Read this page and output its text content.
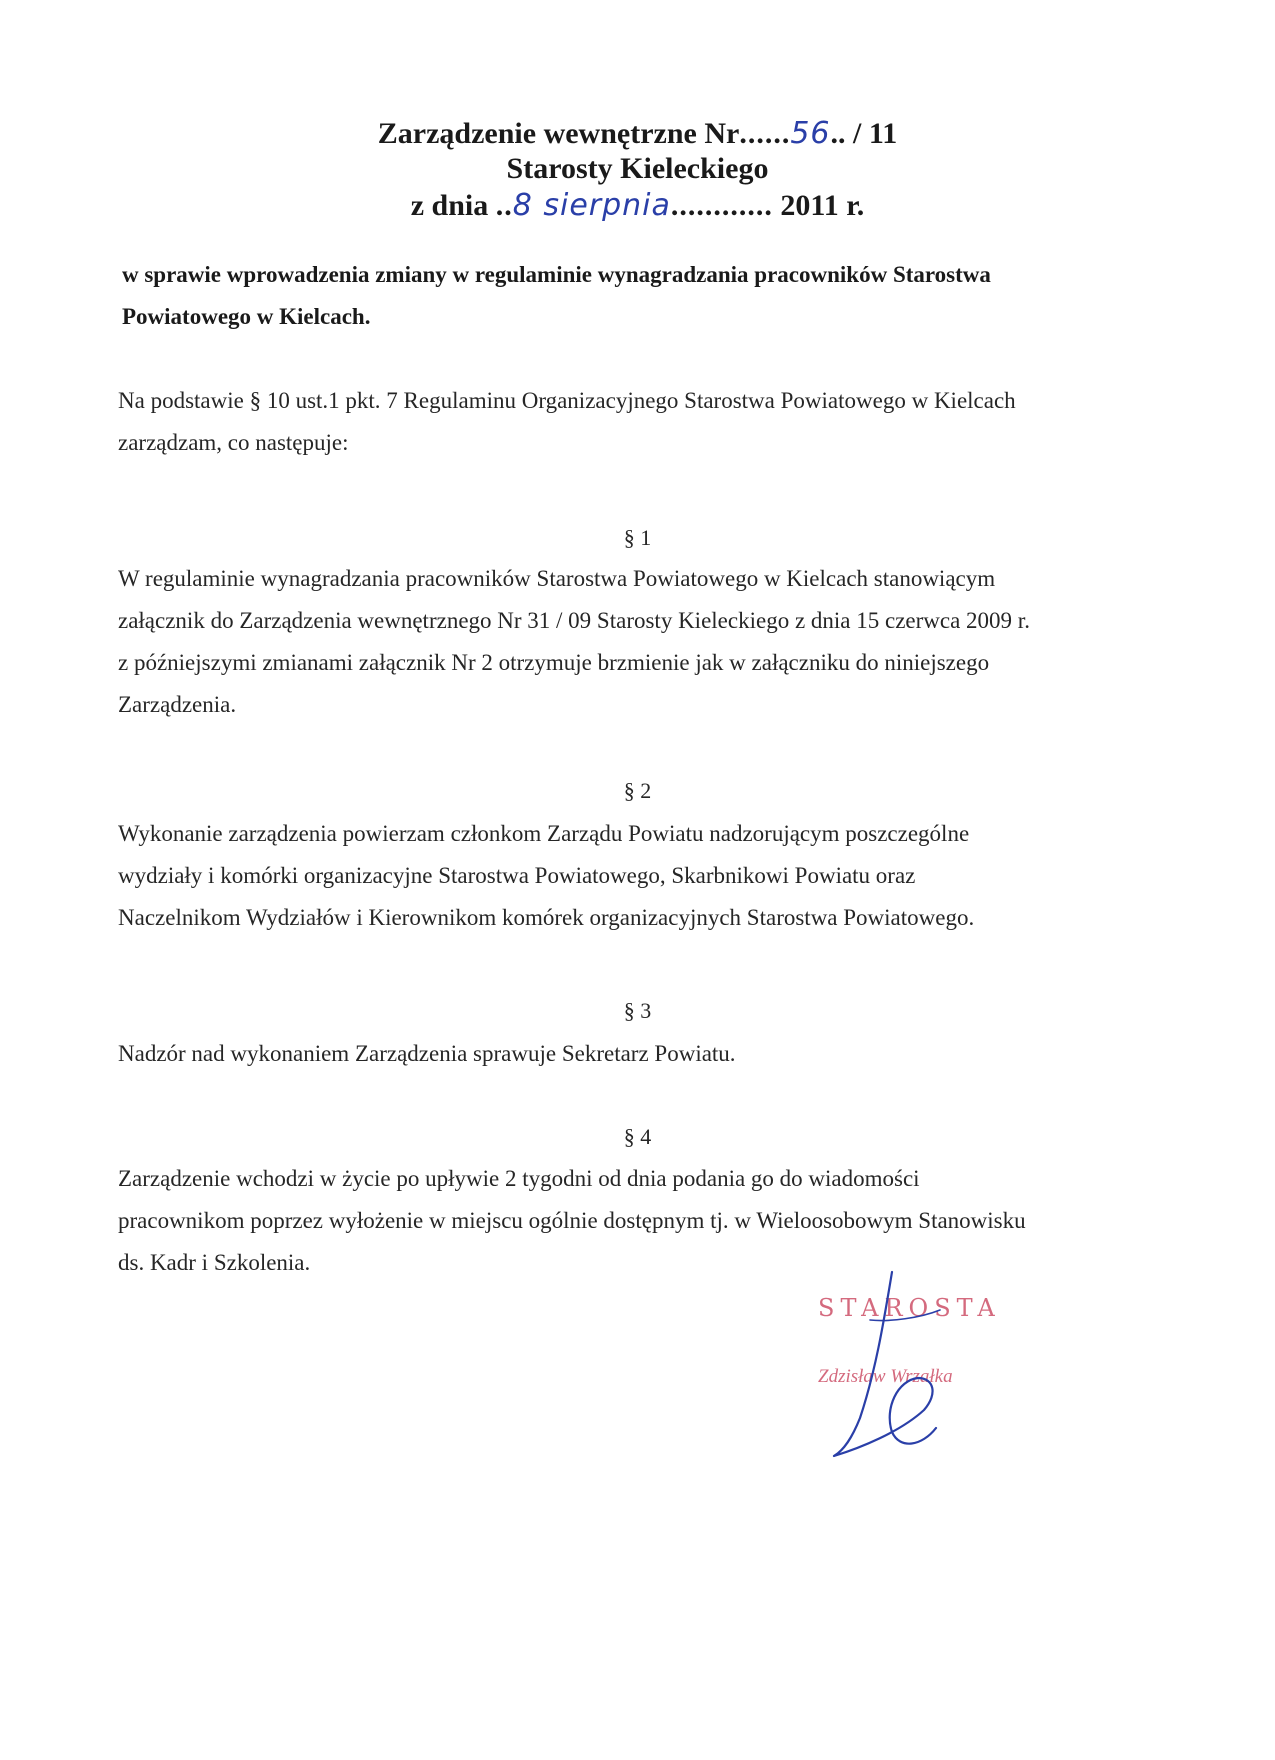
Zarządzenie wewnętrzne Nr......56.. / 11
Starosty Kieleckiego
z dnia ..8 sierpnia............ 2011 r.
w sprawie wprowadzenia zmiany w regulaminie wynagradzania pracowników Starostwa
Powiatowego w Kielcach.
Na podstawie § 10 ust.1 pkt. 7 Regulaminu Organizacyjnego Starostwa Powiatowego w Kielcach
zarządzam, co następuje:
§ 1
W regulaminie wynagradzania pracowników Starostwa Powiatowego w Kielcach stanowiącym
załącznik do Zarządzenia wewnętrznego Nr 31 / 09 Starosty Kieleckiego z dnia 15 czerwca 2009 r.
z późniejszymi zmianami załącznik Nr 2 otrzymuje brzmienie jak w załączniku do niniejszego
Zarządzenia.
§ 2
Wykonanie zarządzenia powierzam członkom Zarządu Powiatu nadzorującym poszczególne
wydziały i komórki organizacyjne Starostwa Powiatowego, Skarbnikowi Powiatu oraz
Naczelnikom Wydziałów i Kierownikom komórek organizacyjnych Starostwa Powiatowego.
§ 3
Nadzór nad wykonaniem Zarządzenia sprawuje Sekretarz Powiatu.
§ 4
Zarządzenie wchodzi w życie po upływie 2 tygodni od dnia podania go do wiadomości
pracownikom poprzez wyłożenie w miejscu ogólnie dostępnym tj. w Wieloosobowym Stanowisku
ds. Kadr i Szkolenia.
STAROSTA
Zdzisław Wrzałka
